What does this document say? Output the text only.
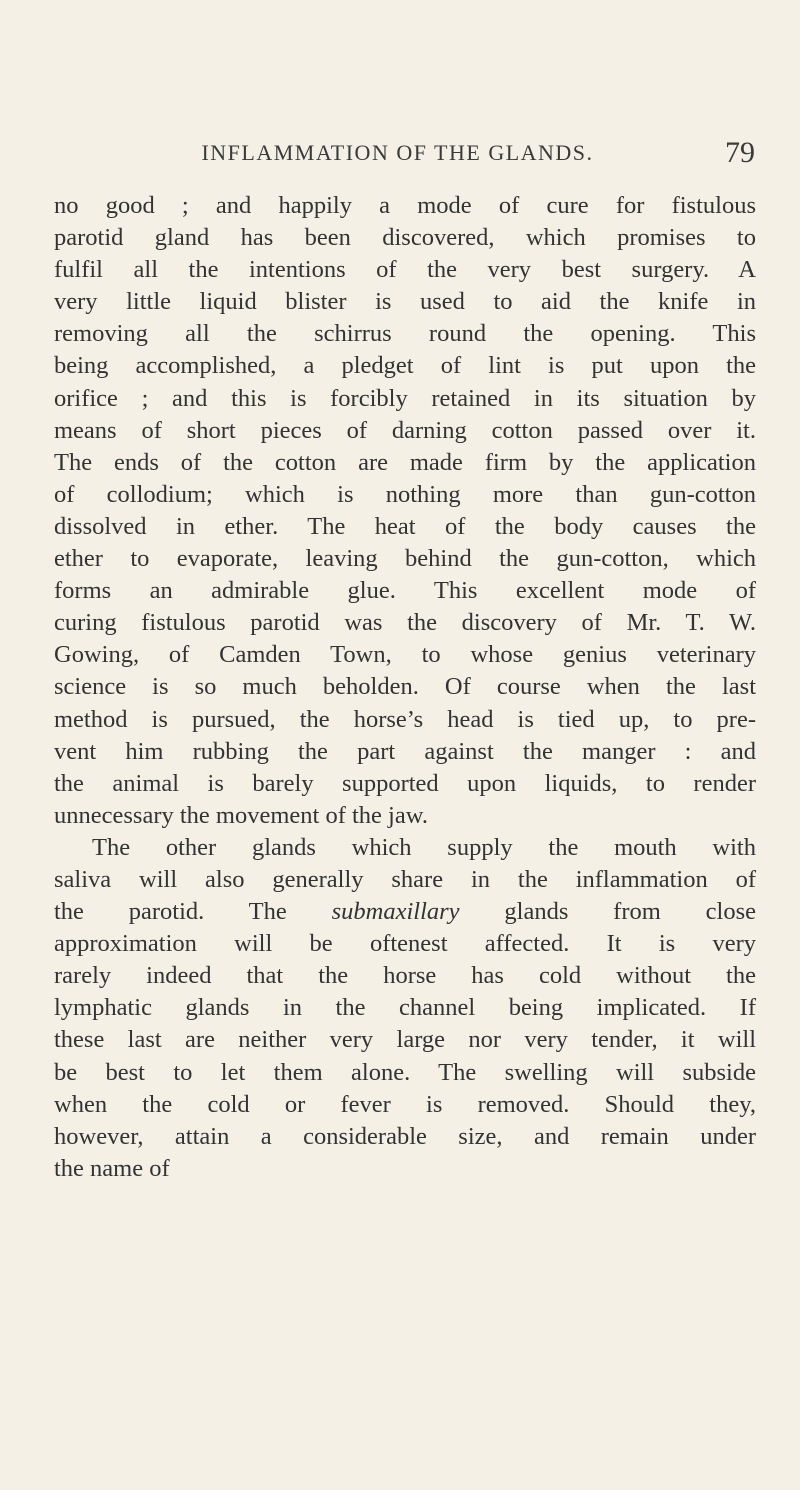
INFLAMMATION OF THE GLANDS.	79
no good ; and happily a mode of cure for fistulous
parotid gland has been discovered, which promises to
fulfil all the intentions of the very best surgery. A
very little liquid blister is used to aid the knife in
removing all the schirrus round the opening. This
being accomplished, a pledget of lint is put upon the
orifice ; and this is forcibly retained in its situation by
means of short pieces of darning cotton passed over it.
The ends of the cotton are made firm by the application
of collodium; which is nothing more than gun-cotton
dissolved in ether. The heat of the body causes the
ether to evaporate, leaving behind the gun-cotton, which
forms an admirable glue. This excellent mode of
curing fistulous parotid was the discovery of Mr. T. W.
Gowing, of Camden Town, to whose genius veterinary
science is so much beholden. Of course when the last
method is pursued, the horse’s head is tied up, to pre-
vent him rubbing the part against the manger : and
the animal is barely supported upon liquids, to render
unnecessary the movement of the jaw.
The other glands which supply the mouth with
saliva will also generally share in the inflammation of
the parotid. The submaxillary glands from close
approximation will be oftenest affected. It is very
rarely indeed that the horse has cold without the
lymphatic glands in the channel being implicated. If
these last are neither very large nor very tender, it will
be best to let them alone. The swelling will subside
when the cold or fever is removed. Should they,
however, attain a considerable size, and remain under
the name of
